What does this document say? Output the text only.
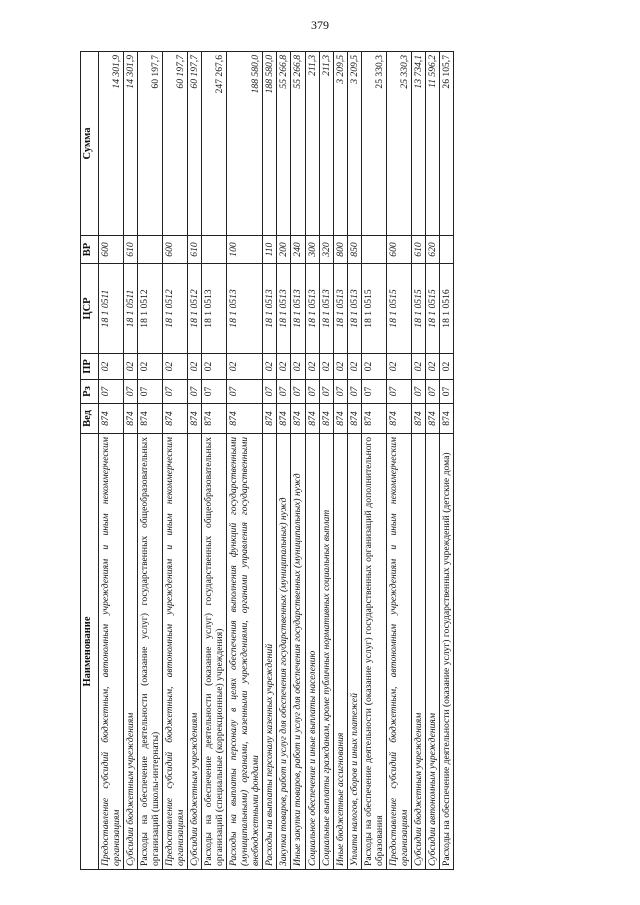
379
Наименование	Вед	Рз	ПР	ЦСР	ВР	Сумма
Предоставление субсидий бюджетным, автономным учреждениям и иным некоммерческим организациям	874	07	02	18 1 0511	600	14 301,9
Субсидии бюджетным учреждениям	874	07	02	18 1 0511	610	14 301,9
Расходы на обеспечение деятельности (оказание услуг) государственных общеобразовательных организаций (школы-интернаты)	874	07	02	18 1 0512		60 197,7
Предоставление субсидий бюджетным, автономным учреждениям и иным некоммерческим организациям	874	07	02	18 1 0512	600	60 197,7
Субсидии бюджетным учреждениям	874	07	02	18 1 0512	610	60 197,7
Расходы на обеспечение деятельности (оказание услуг) государственных общеобразовательных организаций (специальные (коррекционные) учреждения)	874	07	02	18 1 0513		247 267,6
Расходы на выплаты персоналу в целях обеспечения выполнения функций государственными (муниципальными) органами, казенными учреждениями, органами управления государственными внебюджетными фондами	874	07	02	18 1 0513	100	188 580,0
Расходы на выплаты персоналу казенных учреждений	874	07	02	18 1 0513	110	188 580,0
Закупка товаров, работ и услуг для обеспечения государственных (муниципальных) нужд	874	07	02	18 1 0513	200	55 266,8
Иные закупки товаров, работ и услуг для обеспечения государственных (муниципальных) нужд	874	07	02	18 1 0513	240	55 266,8
Социальное обеспечение и иные выплаты населению	874	07	02	18 1 0513	300	211,3
Социальные выплаты гражданам, кроме публичных нормативных социальных выплат	874	07	02	18 1 0513	320	211,3
Иные бюджетные ассигнования	874	07	02	18 1 0513	800	3 209,5
Уплата налогов, сборов и иных платежей	874	07	02	18 1 0513	850	3 209,5
Расходы на обеспечение деятельности (оказание услуг) государственных организаций дополнительного образования	874	07	02	18 1 0515		25 330,3
Предоставление субсидий бюджетным, автономным учреждениям и иным некоммерческим организациям	874	07	02	18 1 0515	600	25 330,3
Субсидии бюджетным учреждениям	874	07	02	18 1 0515	610	13 734,1
Субсидии автономным учреждениям	874	07	02	18 1 0515	620	11 596,2
Расходы на обеспечение деятельности (оказание услуг) государственных учреждений (детские дома)	874	07	02	18 1 0516		26 105,7
